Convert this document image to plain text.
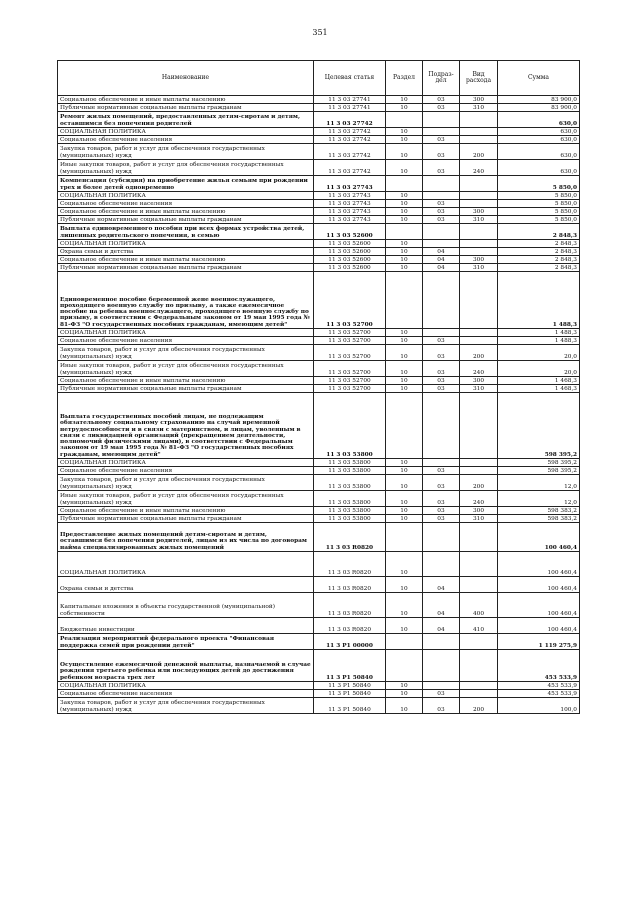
351
Наименование	Целевая статья	Раздел	Подраз-дел	Вид расхода	Сумма
Социальное обеспечение и иные выплаты населению	11 3 03 27741	10	03	300	83 900,0
Публичные нормативные социальные выплаты гражданам	11 3 03 27741	10	03	310	83 900,0
Ремонт жилых помещений, предоставленных детям-сиротам и детям, оставшимся без попечения родителей	11 3 03 27742				630,0
СОЦИАЛЬНАЯ ПОЛИТИКА	11 3 03 27742	10			630,0
Социальное обеспечение населения	11 3 03 27742	10	03		630,0
Закупка товаров, работ и услуг для обеспечения государственных (муниципальных) нужд	11 3 03 27742	10	03	200	630,0
Иные закупки товаров, работ и услуг для обеспечения государственных (муниципальных) нужд	11 3 03 27742	10	03	240	630,0
Компенсация (субсидия) на приобретение жилья семьям при рождении трех и более детей одновременно	11 3 03 27743				5 850,0
СОЦИАЛЬНАЯ ПОЛИТИКА	11 3 03 27743	10			5 850,0
Социальное обеспечение населения	11 3 03 27743	10	03		5 850,0
Социальное обеспечение и иные выплаты населению	11 3 03 27743	10	03	300	5 850,0
Публичные нормативные социальные выплаты гражданам	11 3 03 27743	10	03	310	5 850,0
Выплата единовременного пособия при всех формах устройства детей, лишенных родительского попечения, в семью	11 3 03 52600				2 848,3
СОЦИАЛЬНАЯ ПОЛИТИКА	11 3 03 52600	10			2 848,3
Охрана семьи и детства	11 3 03 52600	10	04		2 848,3
Социальное обеспечение и иные выплаты населению	11 3 03 52600	10	04	300	2 848,3
Публичные нормативные социальные выплаты гражданам	11 3 03 52600	10	04	310	2 848,3
Единовременное пособие беременной жене военнослужащего, проходящего военную службу по призыву, а также ежемесячное пособие на ребенка военнослужащего, проходящего военную службу по призыву, в соответствии с Федеральным законом от 19 мая 1995 года № 81-ФЗ "О государственных пособиях гражданам, имеющим детей"	11 3 03 52700				1 488,3
СОЦИАЛЬНАЯ ПОЛИТИКА	11 3 03 52700	10			1 488,3
Социальное обеспечение населения	11 3 03 52700	10	03		1 488,3
Закупка товаров, работ и услуг для обеспечения государственных (муниципальных) нужд	11 3 03 52700	10	03	200	20,0
Иные закупки товаров, работ и услуг для обеспечения государственных (муниципальных) нужд	11 3 03 52700	10	03	240	20,0
Социальное обеспечение и иные выплаты населению	11 3 03 52700	10	03	300	1 468,3
Публичные нормативные социальные выплаты гражданам	11 3 03 52700	10	03	310	1 468,3
Выплата государственных пособий лицам, не подлежащим обязательному социальному страхованию на случай временной нетрудоспособности и в связи с материнством, и лицам, уволенным в связи с ликвидацией организаций (прекращением деятельности, полномочий физическими лицами), в соответствии с Федеральным законом от 19 мая 1995 года № 81-ФЗ "О государственных пособиях гражданам, имеющим детей"	11 3 03 53800				598 395,2
СОЦИАЛЬНАЯ ПОЛИТИКА	11 3 03 53800	10			598 395,2
Социальное обеспечение населения	11 3 03 53800	10	03		598 395,2
Закупка товаров, работ и услуг для обеспечения государственных (муниципальных) нужд	11 3 03 53800	10	03	200	12,0
Иные закупки товаров, работ и услуг для обеспечения государственных (муниципальных) нужд	11 3 03 53800	10	03	240	12,0
Социальное обеспечение и иные выплаты населению	11 3 03 53800	10	03	300	598 383,2
Публичные нормативные социальные выплаты гражданам	11 3 03 53800	10	03	310	598 383,2
Предоставление жилых помещений детям-сиротам и детям, оставшимся без попечения родителей, лицам из их числа по договорам найма специализированных жилых помещений	11 3 03 R0820				100 460,4
СОЦИАЛЬНАЯ ПОЛИТИКА	11 3 03 R0820	10			100 460,4
Охрана семьи и детства	11 3 03 R0820	10	04		100 460,4
Капитальные вложения в объекты государственной (муниципальной) собственности	11 3 03 R0820	10	04	400	100 460,4
Бюджетные инвестиции	11 3 03 R0820	10	04	410	100 460,4
Реализация мероприятий федерального проекта "Финансовая поддержка семей при рождении детей"	11 3 P1 00000				1 119 275,9
Осуществление ежемесячной денежной выплаты, назначаемой в случае рождения третьего ребенка или последующих детей до достижения ребенком возраста трех лет	11 3 P1 50840				453 533,9
СОЦИАЛЬНАЯ ПОЛИТИКА	11 3 P1 50840	10			453 533,9
Социальное обеспечение населения	11 3 P1 50840	10	03		453 533,9
Закупка товаров, работ и услуг для обеспечения государственных (муниципальных) нужд	11 3 P1 50840	10	03	200	100,0
